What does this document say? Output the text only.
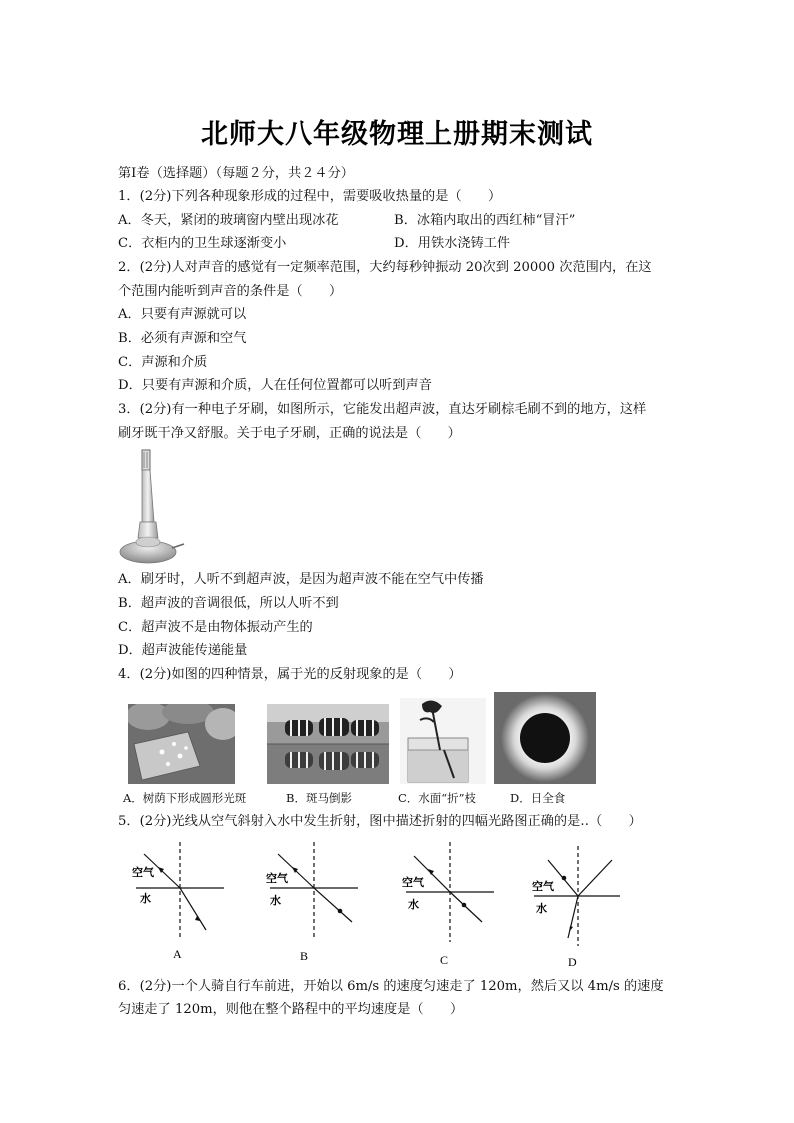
北师大八年级物理上册期末测试
第Ⅰ卷（选择题）（每题２分，共２４分）
1．(2分)下列各种现象形成的过程中，需要吸收热量的是（　　）
A．冬天，紧闭的玻璃窗内壁出现冰花	B．冰箱内取出的西红柿“冒汗”
C．衣柜内的卫生球逐渐变小	D．用铁水浇铸工件
2．(2分)人对声音的感觉有一定频率范围，大约每秒钟振动 20次到 20000 次范围内，在这
个范围内能听到声音的条件是（　　）
A．只要有声源就可以
B．必须有声源和空气
C．声源和介质
D．只要有声源和介质，人在任何位置都可以听到声音
3．(2分)有一种电子牙刷，如图所示，它能发出超声波，直达牙刷棕毛刷不到的地方，这样
刷牙既干净又舒服。关于电子牙刷，正确的说法是（　　）
A．刷牙时，人听不到超声波，是因为超声波不能在空气中传播
B．超声波的音调很低，所以人听不到
C．超声波不是由物体振动产生的
D．超声波能传递能量
4．(2分)如图的四种情景，属于光的反射现象的是（　　）
A．树荫下形成圆形光斑	B．斑马倒影	C．水面“折”枝	D．日全食
5．(2分)光线从空气斜射入水中发生折射，图中描述折射的四幅光路图正确的是‥（　　）
空气
水
A
空气
水
B
空气
水
C
空气
水
D
6．(2分)一个人骑自行车前进，开始以 6m/s 的速度匀速走了 120m，然后又以 4m/s 的速度
匀速走了 120m，则他在整个路程中的平均速度是（　　）
